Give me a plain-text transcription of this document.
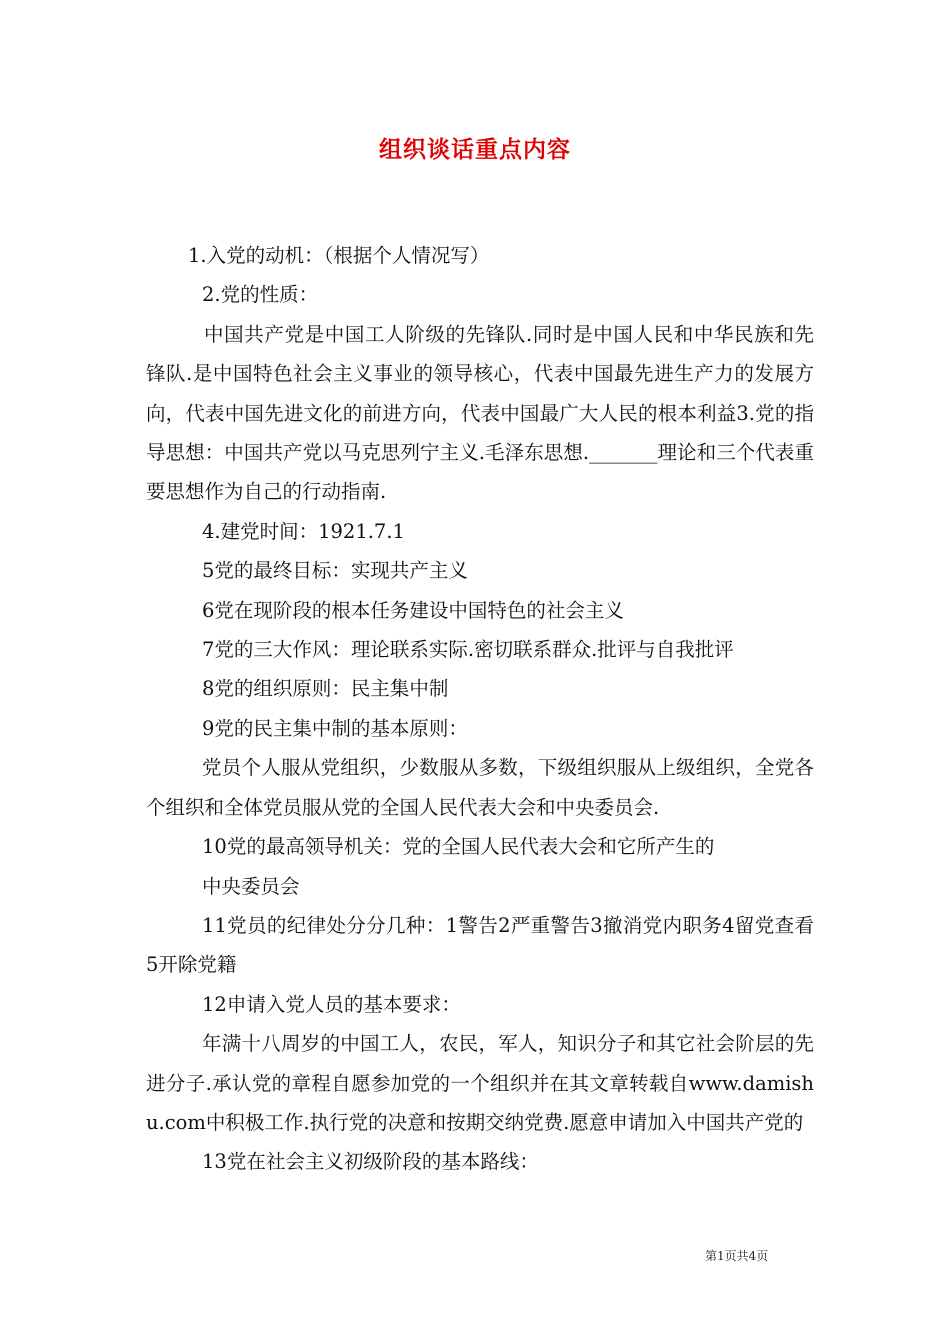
组织谈话重点内容

1.入党的动机：（根据个人情况写）

2.党的性质：

中国共产党是中国工人阶级的先锋队.同时是中国人民和中华民族和先锋队.是中国特色社会主义事业的领导核心，代表中国最先进生产力的发展方向，代表中国先进文化的前进方向，代表中国最广大人民的根本利益3.党的指导思想：中国共产党以马克思列宁主义.毛泽东思想._______理论和三个代表重要思想作为自己的行动指南.

4.建党时间：1921.7.1

5党的最终目标：实现共产主义

6党在现阶段的根本任务建设中国特色的社会主义

7党的三大作风：理论联系实际.密切联系群众.批评与自我批评

8党的组织原则：民主集中制

9党的民主集中制的基本原则：

党员个人服从党组织，少数服从多数，下级组织服从上级组织，全党各个组织和全体党员服从党的全国人民代表大会和中央委员会.

10党的最高领导机关：党的全国人民代表大会和它所产生的

中央委员会

11党员的纪律处分分几种：1警告2严重警告3撤消党内职务4留党查看5开除党籍

12申请入党人员的基本要求：

年满十八周岁的中国工人，农民，军人，知识分子和其它社会阶层的先进分子.承认党的章程自愿参加党的一个组织并在其文章转载自www.damishu.com中积极工作.执行党的决意和按期交纳党费.愿意申请加入中国共产党的

13党在社会主义初级阶段的基本路线：

第1页共4页
